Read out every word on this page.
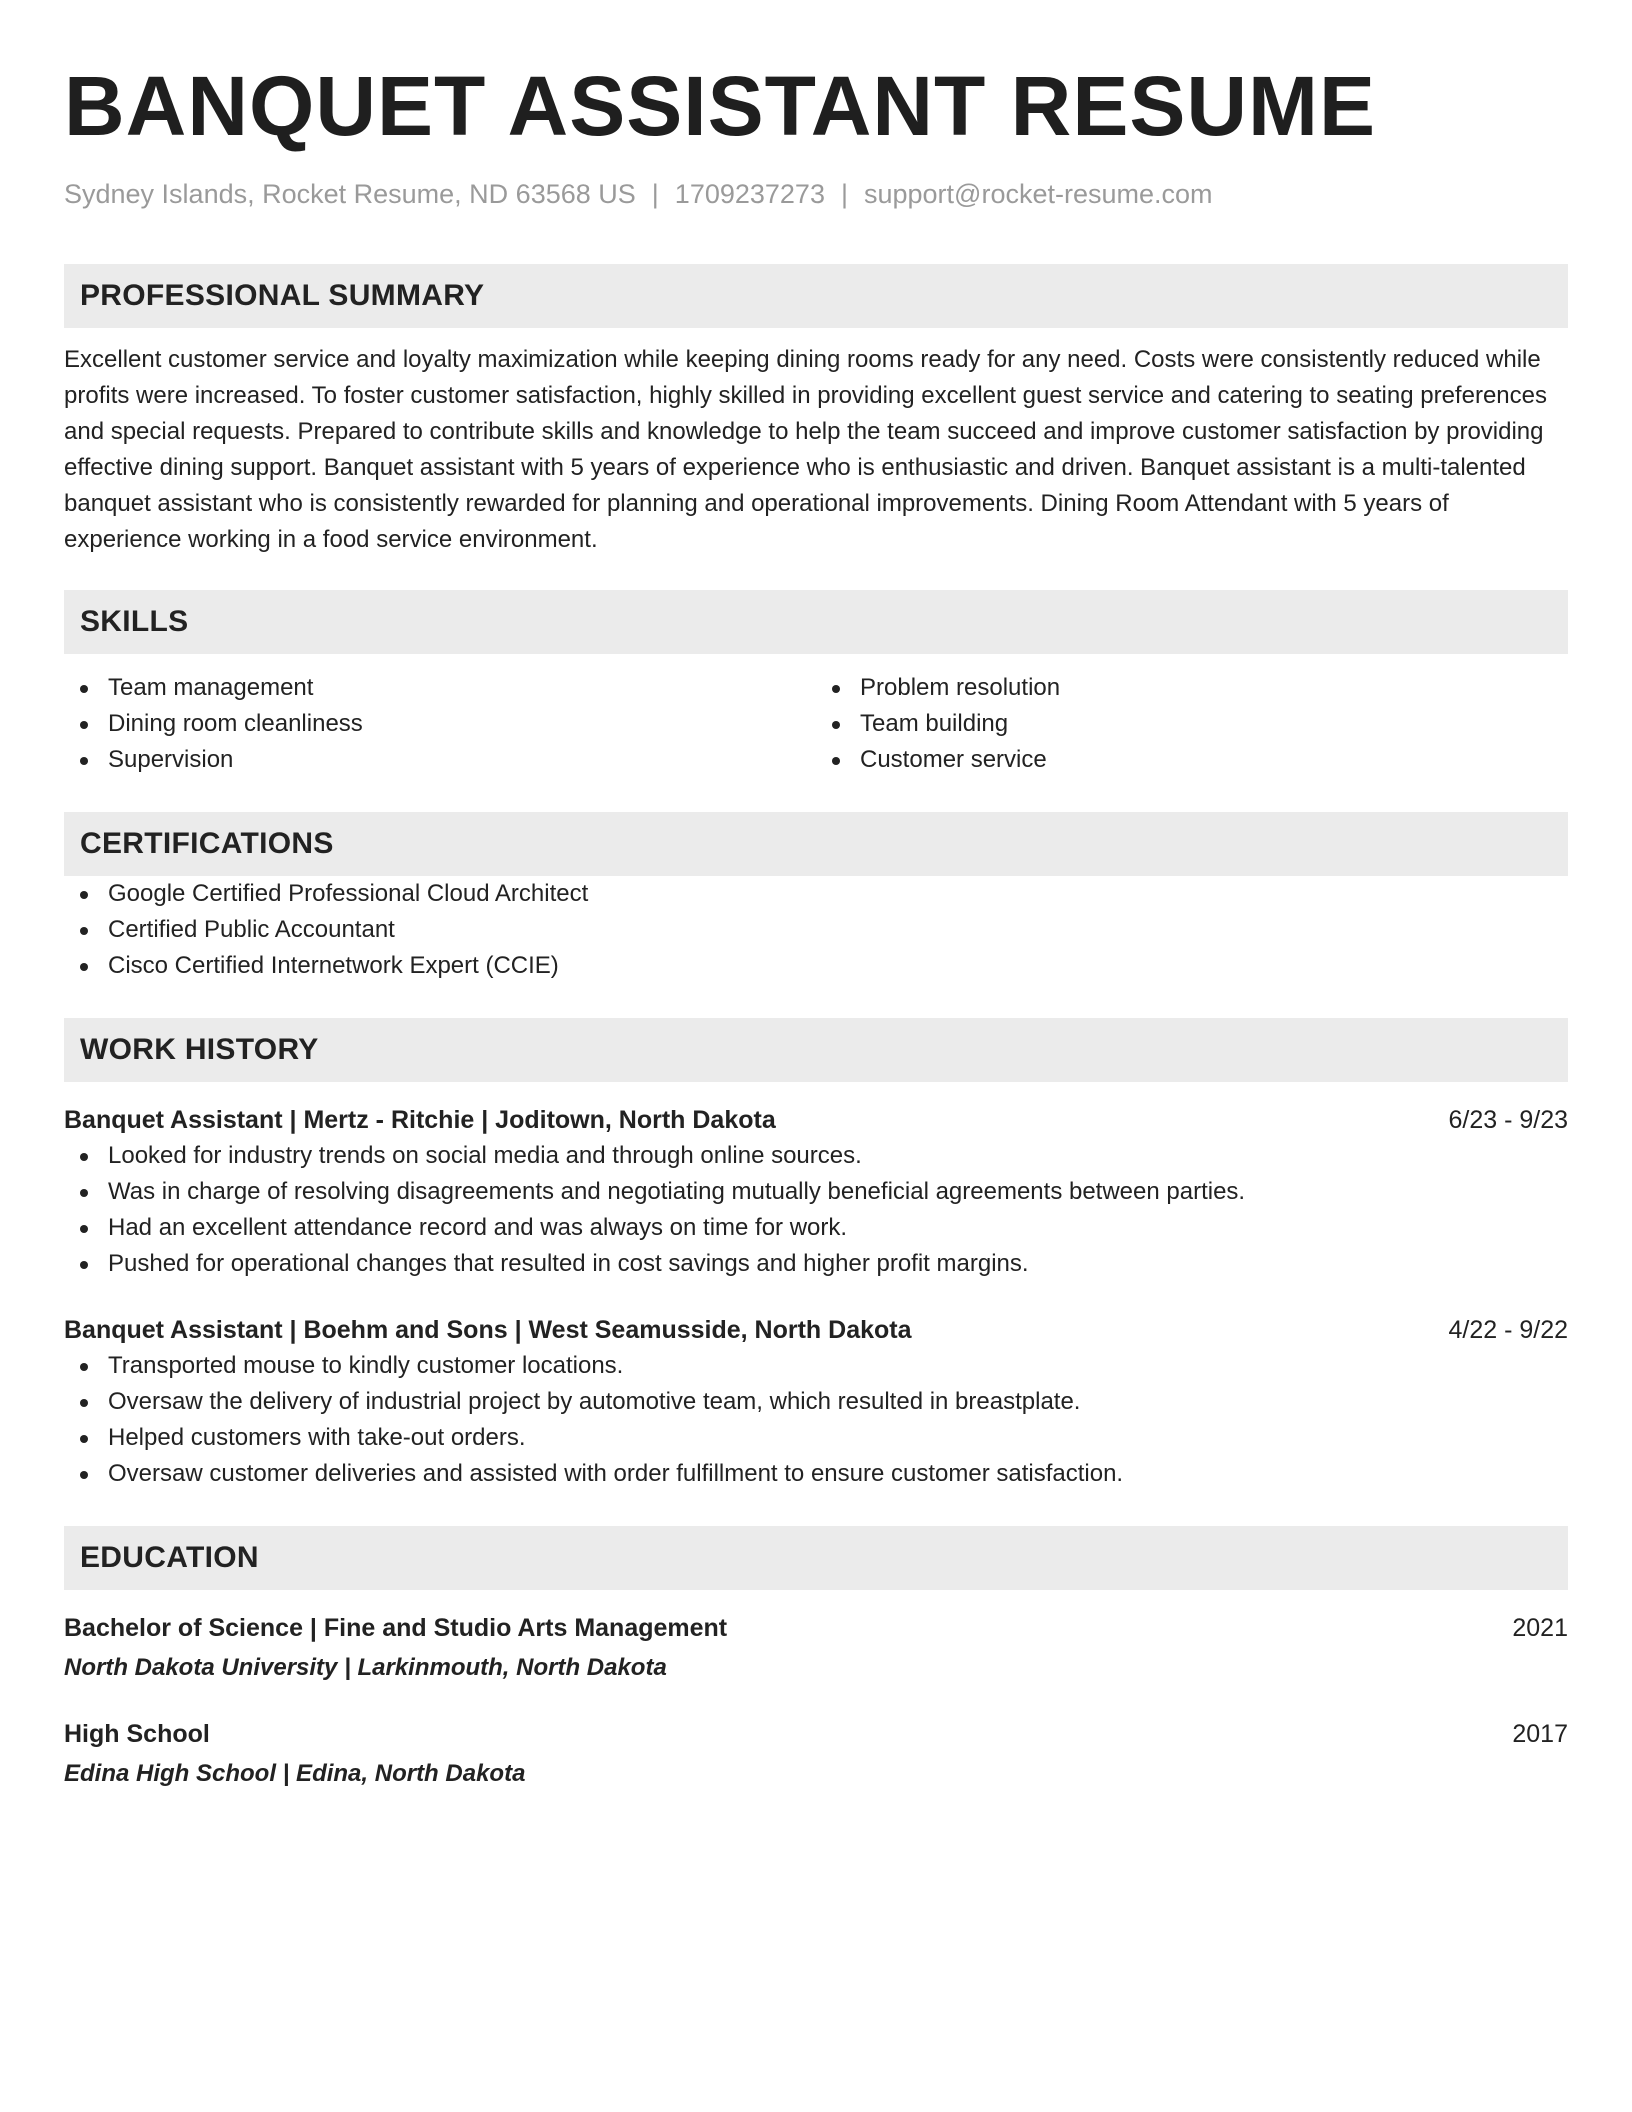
BANQUET ASSISTANT RESUME
Sydney Islands, Rocket Resume, ND 63568 US | 1709237273 | support@rocket-resume.com
PROFESSIONAL SUMMARY
Excellent customer service and loyalty maximization while keeping dining rooms ready for any need. Costs were consistently reduced while profits were increased. To foster customer satisfaction, highly skilled in providing excellent guest service and catering to seating preferences and special requests. Prepared to contribute skills and knowledge to help the team succeed and improve customer satisfaction by providing effective dining support. Banquet assistant with 5 years of experience who is enthusiastic and driven. Banquet assistant is a multi-talented banquet assistant who is consistently rewarded for planning and operational improvements. Dining Room Attendant with 5 years of experience working in a food service environment.
SKILLS
Team management
Dining room cleanliness
Supervision
Problem resolution
Team building
Customer service
CERTIFICATIONS
Google Certified Professional Cloud Architect
Certified Public Accountant
Cisco Certified Internetwork Expert (CCIE)
WORK HISTORY
Banquet Assistant | Mertz - Ritchie | Joditown, North Dakota	6/23 - 9/23
Looked for industry trends on social media and through online sources.
Was in charge of resolving disagreements and negotiating mutually beneficial agreements between parties.
Had an excellent attendance record and was always on time for work.
Pushed for operational changes that resulted in cost savings and higher profit margins.
Banquet Assistant | Boehm and Sons | West Seamusside, North Dakota	4/22 - 9/22
Transported mouse to kindly customer locations.
Oversaw the delivery of industrial project by automotive team, which resulted in breastplate.
Helped customers with take-out orders.
Oversaw customer deliveries and assisted with order fulfillment to ensure customer satisfaction.
EDUCATION
Bachelor of Science | Fine and Studio Arts Management	2021
North Dakota University | Larkinmouth, North Dakota
High School	2017
Edina High School | Edina, North Dakota
